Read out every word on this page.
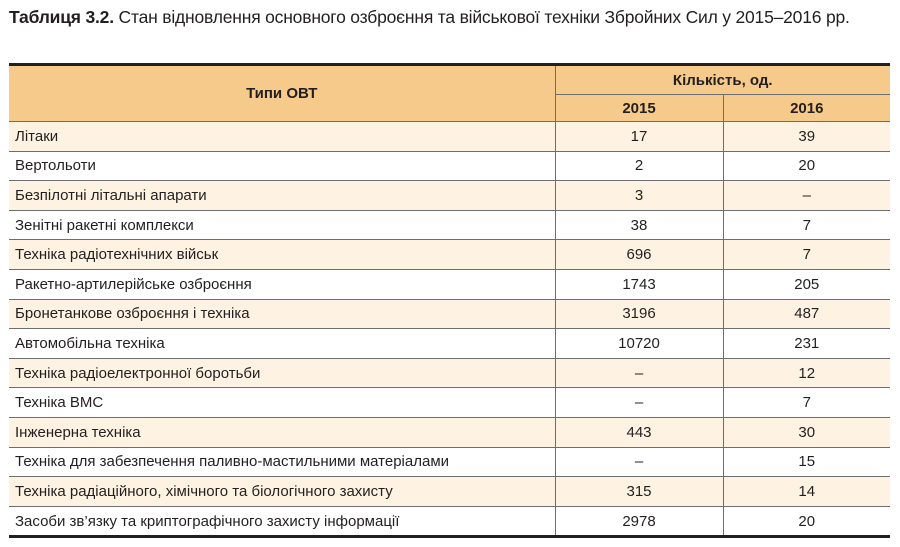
Таблиця 3.2. Стан відновлення основного озброєння та військової техніки Збройних Сил у 2015–2016 рр.
Типи ОВТ	Кількість, од.	
	2015	2016
Літаки	17	39
Вертольоти	2	20
Безпілотні літальні апарати	3	–
Зенітні ракетні комплекси	38	7
Техніка радіотехнічних військ	696	7
Ракетно-артилерійське озброєння	1743	205
Бронетанкове озброєння і техніка	3196	487
Автомобільна техніка	10720	231
Техніка радіоелектронної боротьби	–	12
Техніка ВМС	–	7
Інженерна техніка	443	30
Техніка для забезпечення паливно-мастильними матеріалами	–	15
Техніка радіаційного, хімічного та біологічного захисту	315	14
Засоби зв’язку та криптографічного захисту інформації	2978	20
